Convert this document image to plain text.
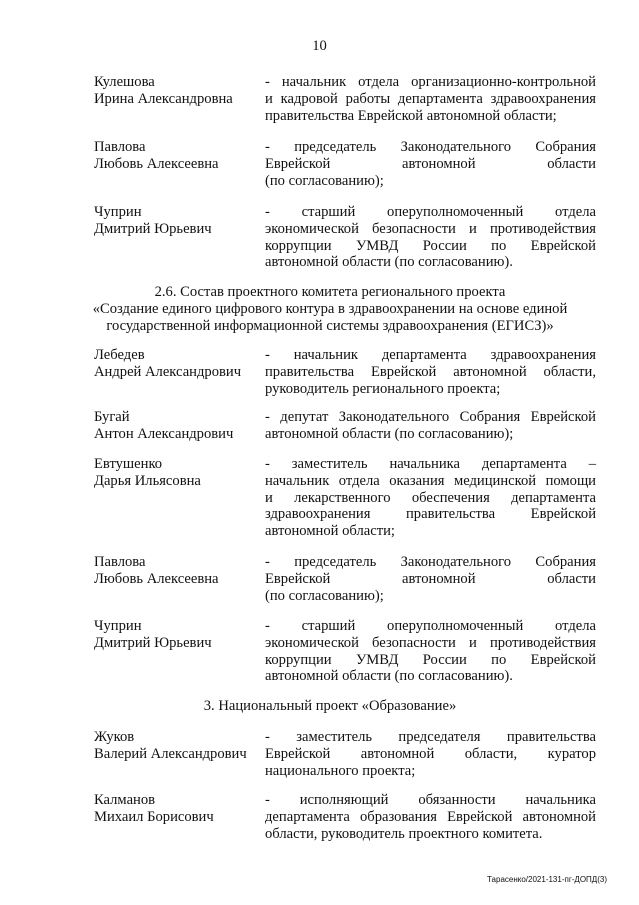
10
Кулешова
Ирина Александровна
- начальник отдела организационно-контрольной
и кадровой работы департамента здравоохранения
правительства Еврейской автономной области;
Павлова
Любовь Алексеевна
- председатель Законодательного Собрания
Еврейской автономной области
(по согласованию);
Чуприн
Дмитрий Юрьевич
- старший оперуполномоченный отдела
экономической безопасности и противодействия
коррупции УМВД России по Еврейской
автономной области (по согласованию).
2.6. Состав проектного комитета регионального проекта
«Создание единого цифрового контура в здравоохранении на основе единой
государственной информационной системы здравоохранения (ЕГИСЗ)»
Лебедев
Андрей Александрович
- начальник департамента здравоохранения
правительства Еврейской автономной области,
руководитель регионального проекта;
Бугай
Антон Александрович
- депутат Законодательного Собрания Еврейской
автономной области (по согласованию);
Евтушенко
Дарья Ильясовна
- заместитель начальника департамента –
начальник отдела оказания медицинской помощи
и лекарственного обеспечения департамента
здравоохранения правительства Еврейской
автономной области;
Павлова
Любовь Алексеевна
- председатель Законодательного Собрания
Еврейской автономной области
(по согласованию);
Чуприн
Дмитрий Юрьевич
- старший оперуполномоченный отдела
экономической безопасности и противодействия
коррупции УМВД России по Еврейской
автономной области (по согласованию).
3. Национальный проект «Образование»
Жуков
Валерий Александрович
- заместитель председателя правительства
Еврейской автономной области, куратор
национального проекта;
Калманов
Михаил Борисович
- исполняющий обязанности начальника
департамента образования Еврейской автономной
области, руководитель проектного комитета.
Тарасенко/2021-131-пг-ДОПД(3)
